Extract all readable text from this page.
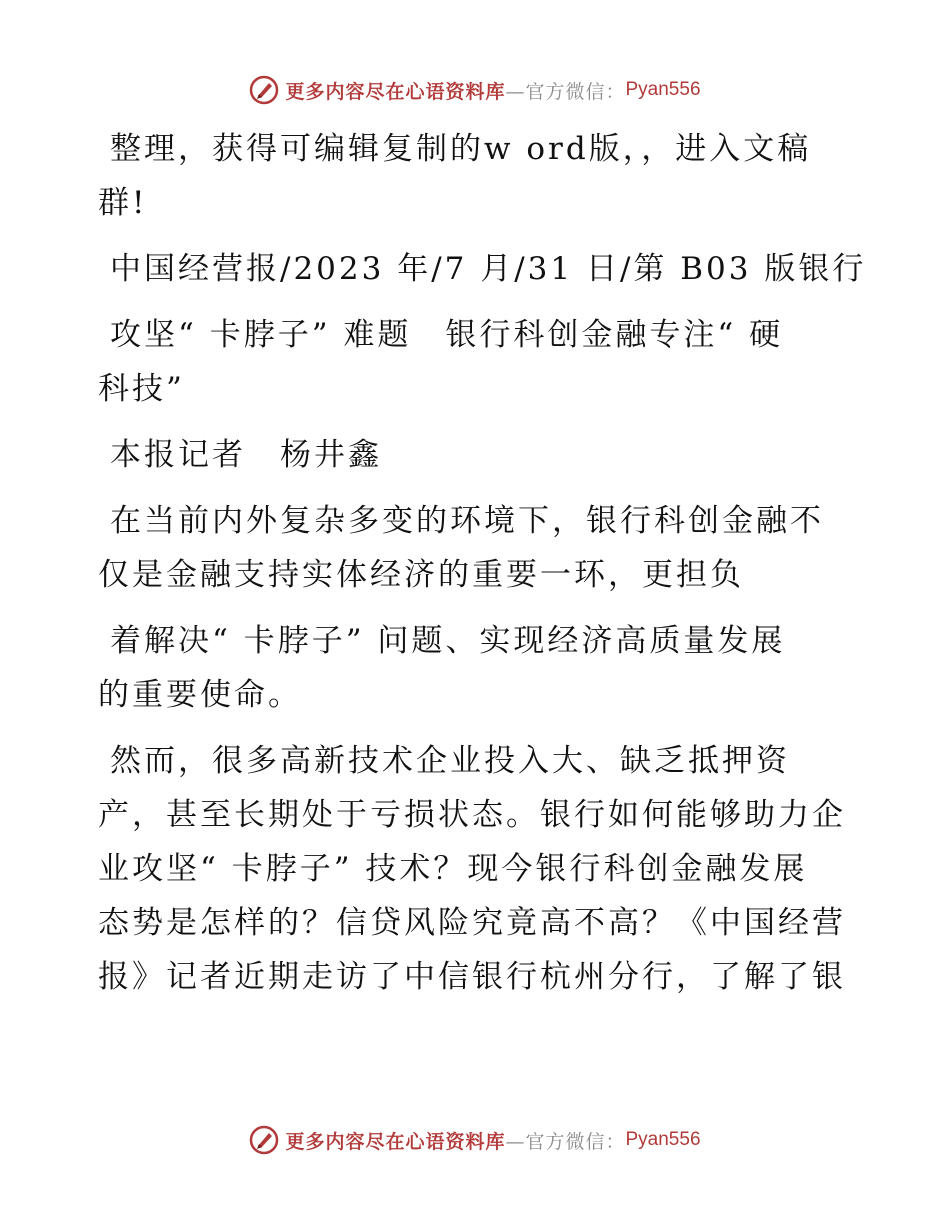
更多内容尽在心语资料库 —官方微信： Pyan556
整理，获得可编辑复制的w ord版，，进入文稿
群!
中国经营报/2023 年/7 月/31 日/第 B03 版银行
攻坚“ 卡脖子” 难题　银行科创金融专注“ 硬
科技”
本报记者　杨井鑫
在当前内外复杂多变的环境下，银行科创金融不
仅是金融支持实体经济的重要一环，更担负
着解决“ 卡脖子” 问题、实现经济高质量发展
的重要使命。
然而，很多高新技术企业投入大、缺乏抵押资
产，甚至长期处于亏损状态。银行如何能够助力企
业攻坚“ 卡脖子” 技术？现今银行科创金融发展
态势是怎样的？信贷风险究竟高不高？《中国经营
报》记者近期走访了中信银行杭州分行，了解了银
更多内容尽在心语资料库 —官方微信： Pyan556
